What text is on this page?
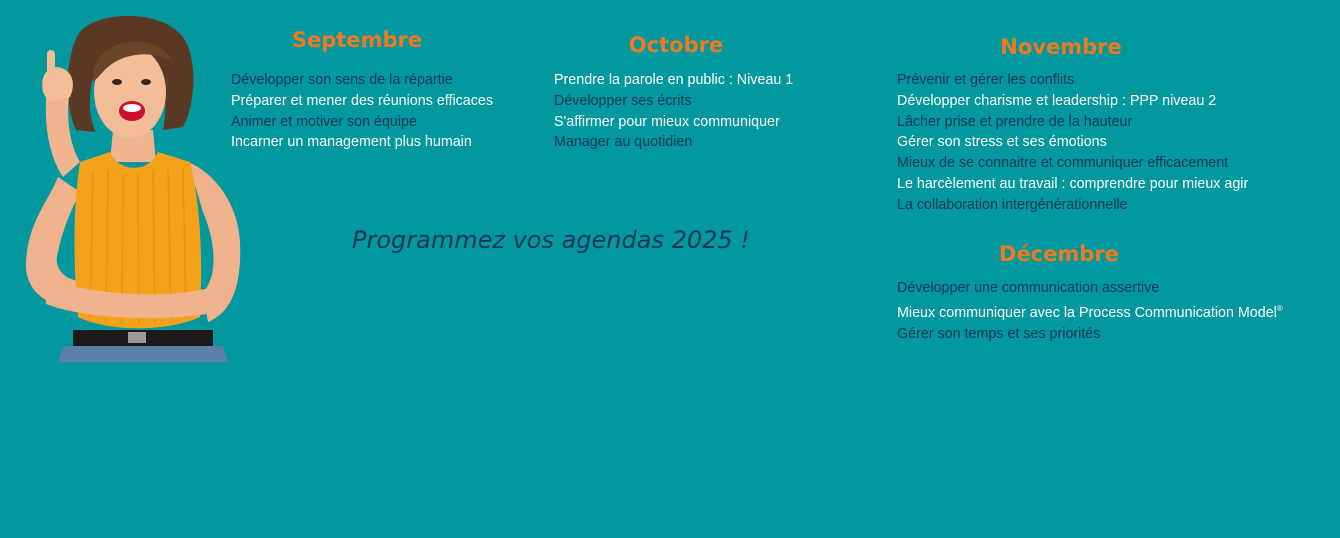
Septembre
Développer son sens de la répartie
Préparer et mener des réunions efficaces
Animer et motiver son équipe
Incarner un management plus humain
Octobre
Prendre la parole en public : Niveau 1
Développer ses écrits
S'affirmer pour mieux communiquer
Manager au quotidien
Novembre
Prévenir et gérer les conflits
Développer charisme et leadership : PPP niveau 2
Lâcher prise et prendre de la hauteur
Gérer son stress et ses émotions
Mieux de se connaitre et communiquer efficacement
Le harcèlement au travail : comprendre pour mieux agir
La collaboration intergénérationnelle

Programmez vos agendas 2025 !	Décembre
Développer une communication assertive
Mieux communiquer avec la Process Communication Model®
Gérer son temps et ses priorités
